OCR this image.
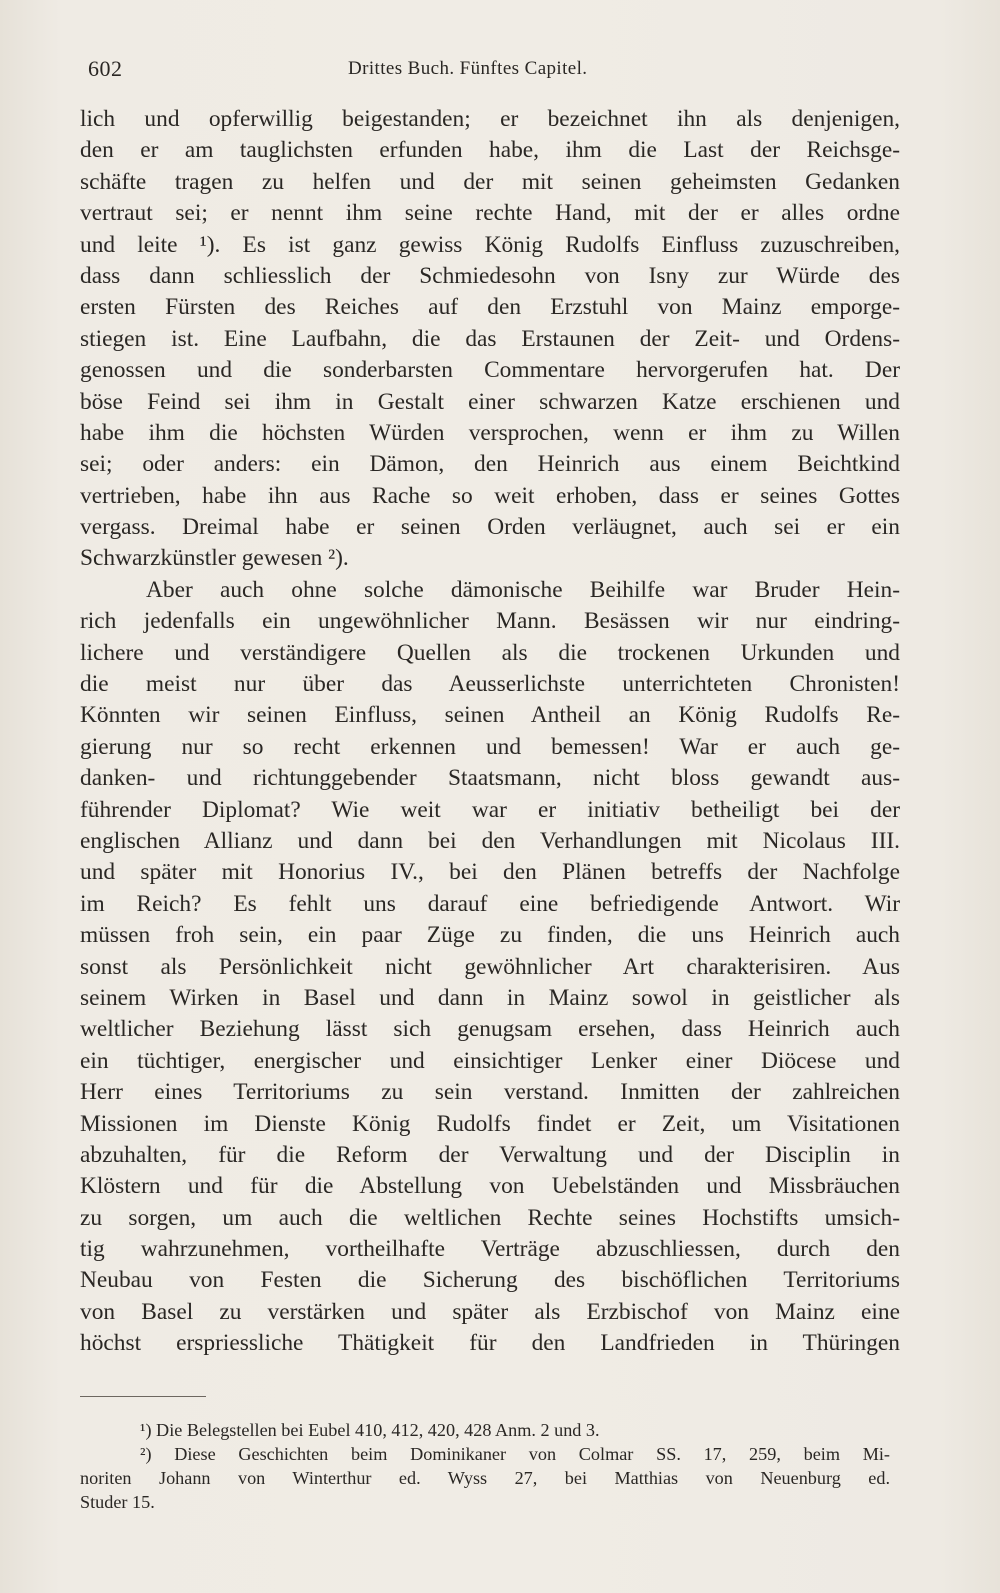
602	Drittes Buch. Fünftes Capitel.
lich und opferwillig beigestanden; er bezeichnet ihn als denjenigen,
den er am tauglichsten erfunden habe, ihm die Last der Reichsge-
schäfte tragen zu helfen und der mit seinen geheimsten Gedanken
vertraut sei; er nennt ihm seine rechte Hand, mit der er alles ordne
und leite ¹). Es ist ganz gewiss König Rudolfs Einfluss zuzuschreiben,
dass dann schliesslich der Schmiedesohn von Isny zur Würde des
ersten Fürsten des Reiches auf den Erzstuhl von Mainz emporge-
stiegen ist. Eine Laufbahn, die das Erstaunen der Zeit- und Ordens-
genossen und die sonderbarsten Commentare hervorgerufen hat. Der
böse Feind sei ihm in Gestalt einer schwarzen Katze erschienen und
habe ihm die höchsten Würden versprochen, wenn er ihm zu Willen
sei; oder anders: ein Dämon, den Heinrich aus einem Beichtkind
vertrieben, habe ihn aus Rache so weit erhoben, dass er seines Gottes
vergass. Dreimal habe er seinen Orden verläugnet, auch sei er ein
Schwarzkünstler gewesen ²).
Aber auch ohne solche dämonische Beihilfe war Bruder Hein-
rich jedenfalls ein ungewöhnlicher Mann. Besässen wir nur eindring-
lichere und verständigere Quellen als die trockenen Urkunden und
die meist nur über das Aeusserlichste unterrichteten Chronisten!
Könnten wir seinen Einfluss, seinen Antheil an König Rudolfs Re-
gierung nur so recht erkennen und bemessen! War er auch ge-
danken- und richtunggebender Staatsmann, nicht bloss gewandt aus-
führender Diplomat? Wie weit war er initiativ betheiligt bei der
englischen Allianz und dann bei den Verhandlungen mit Nicolaus III.
und später mit Honorius IV., bei den Plänen betreffs der Nachfolge
im Reich? Es fehlt uns darauf eine befriedigende Antwort. Wir
müssen froh sein, ein paar Züge zu finden, die uns Heinrich auch
sonst als Persönlichkeit nicht gewöhnlicher Art charakterisiren. Aus
seinem Wirken in Basel und dann in Mainz sowol in geistlicher als
weltlicher Beziehung lässt sich genugsam ersehen, dass Heinrich auch
ein tüchtiger, energischer und einsichtiger Lenker einer Diöcese und
Herr eines Territoriums zu sein verstand. Inmitten der zahlreichen
Missionen im Dienste König Rudolfs findet er Zeit, um Visitationen
abzuhalten, für die Reform der Verwaltung und der Disciplin in
Klöstern und für die Abstellung von Uebelständen und Missbräuchen
zu sorgen, um auch die weltlichen Rechte seines Hochstifts umsich-
tig wahrzunehmen, vortheilhafte Verträge abzuschliessen, durch den
Neubau von Festen die Sicherung des bischöflichen Territoriums
von Basel zu verstärken und später als Erzbischof von Mainz eine
höchst erspriessliche Thätigkeit für den Landfrieden in Thüringen
¹) Die Belegstellen bei Eubel 410, 412, 420, 428 Anm. 2 und 3.
²) Diese Geschichten beim Dominikaner von Colmar SS. 17, 259, beim Mi-
noriten Johann von Winterthur ed. Wyss 27, bei Matthias von Neuenburg ed.
Studer 15.
